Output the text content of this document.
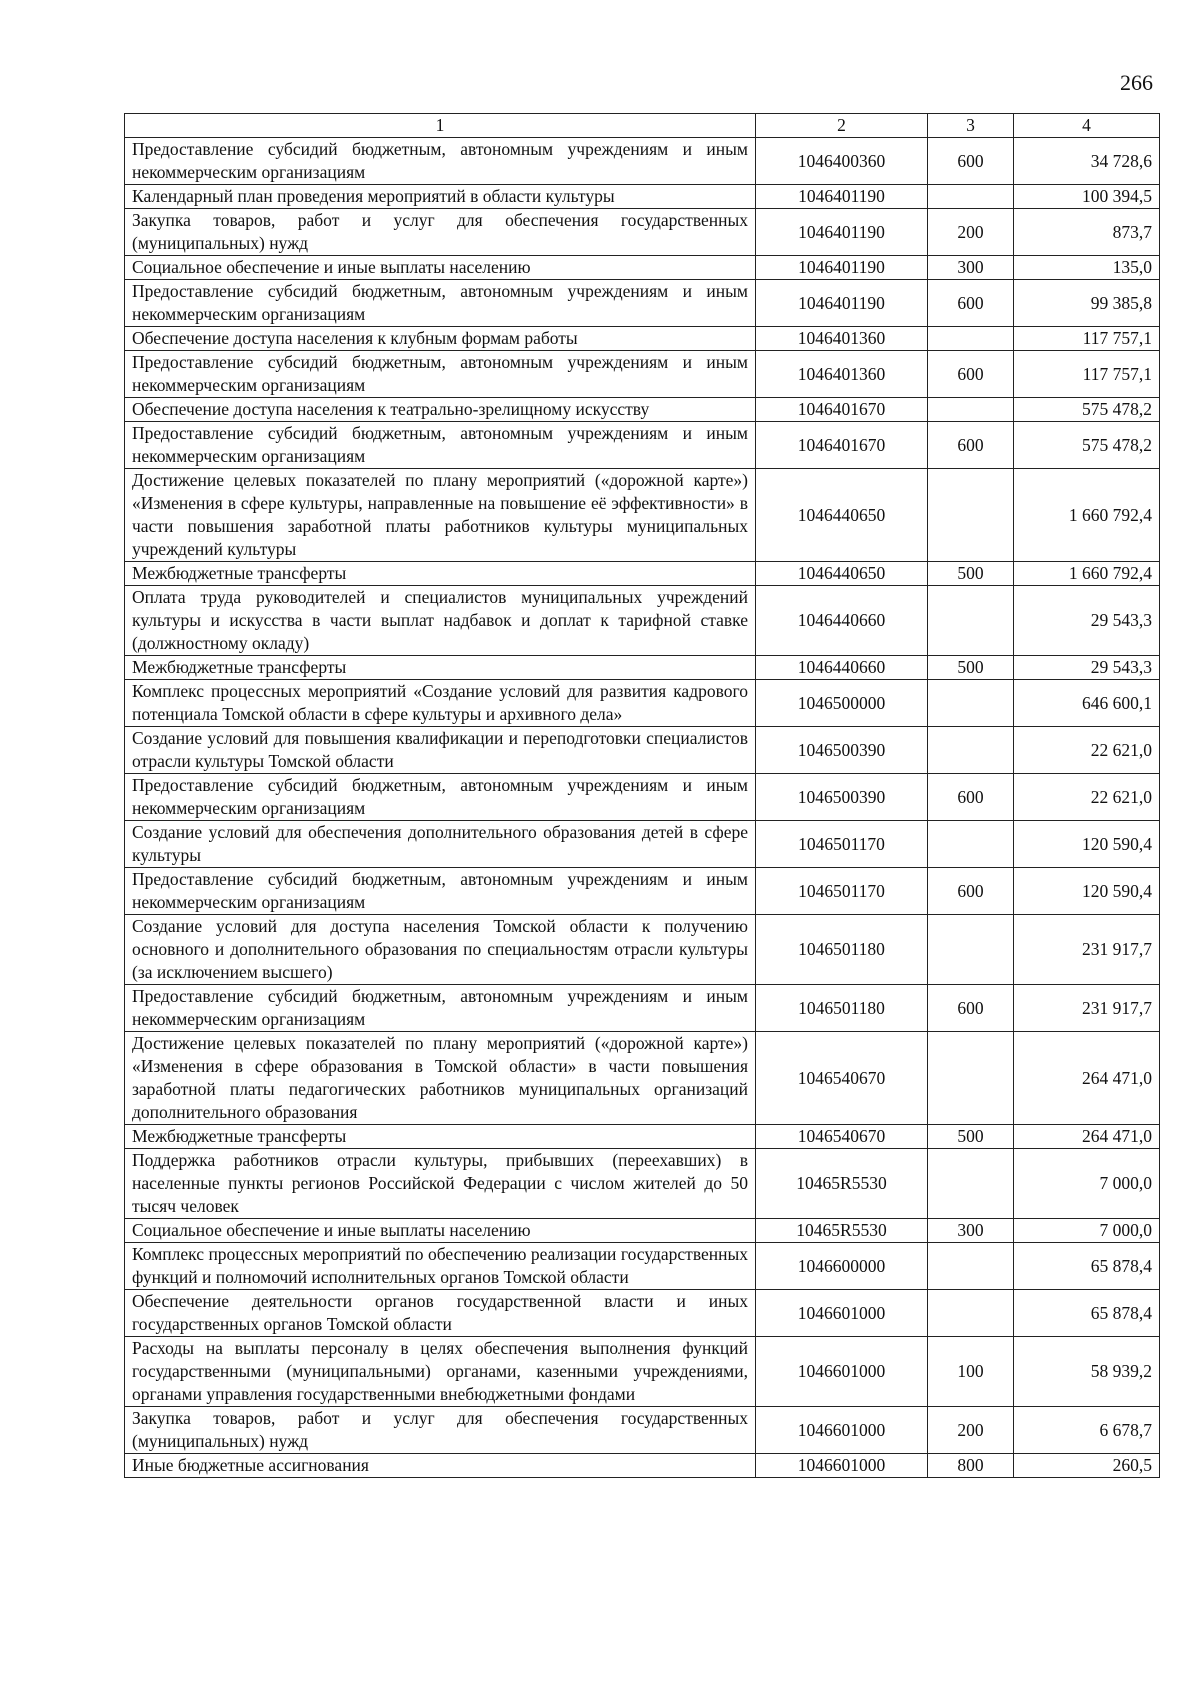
266
1	2	3	4
Предоставление субсидий бюджетным, автономным учреждениям и иным некоммерческим организациям	1046400360	600	34 728,6
Календарный план проведения мероприятий в области культуры	1046401190		100 394,5
Закупка товаров, работ и услуг для обеспечения государственных (муниципальных) нужд	1046401190	200	873,7
Социальное обеспечение и иные выплаты населению	1046401190	300	135,0
Предоставление субсидий бюджетным, автономным учреждениям и иным некоммерческим организациям	1046401190	600	99 385,8
Обеспечение доступа населения к клубным формам работы	1046401360		117 757,1
Предоставление субсидий бюджетным, автономным учреждениям и иным некоммерческим организациям	1046401360	600	117 757,1
Обеспечение доступа населения к театрально-зрелищному искусству	1046401670		575 478,2
Предоставление субсидий бюджетным, автономным учреждениям и иным некоммерческим организациям	1046401670	600	575 478,2
Достижение целевых показателей по плану мероприятий («дорожной карте») «Изменения в сфере культуры, направленные на повышение её эффективности» в части повышения заработной платы работников культуры муниципальных учреждений культуры	1046440650		1 660 792,4
Межбюджетные трансферты	1046440650	500	1 660 792,4
Оплата труда руководителей и специалистов муниципальных учреждений культуры и искусства в части выплат надбавок и доплат к тарифной ставке (должностному окладу)	1046440660		29 543,3
Межбюджетные трансферты	1046440660	500	29 543,3
Комплекс процессных мероприятий «Создание условий для развития кадрового потенциала Томской области в сфере культуры и архивного дела»	1046500000		646 600,1
Создание условий для повышения квалификации и переподготовки специалистов отрасли культуры Томской области	1046500390		22 621,0
Предоставление субсидий бюджетным, автономным учреждениям и иным некоммерческим организациям	1046500390	600	22 621,0
Создание условий для обеспечения дополнительного образования детей в сфере культуры	1046501170		120 590,4
Предоставление субсидий бюджетным, автономным учреждениям и иным некоммерческим организациям	1046501170	600	120 590,4
Создание условий для доступа населения Томской области к получению основного и дополнительного образования по специальностям отрасли культуры (за исключением высшего)	1046501180		231 917,7
Предоставление субсидий бюджетным, автономным учреждениям и иным некоммерческим организациям	1046501180	600	231 917,7
Достижение целевых показателей по плану мероприятий («дорожной карте») «Изменения в сфере образования в Томской области» в части повышения заработной платы педагогических работников муниципальных организаций дополнительного образования	1046540670		264 471,0
Межбюджетные трансферты	1046540670	500	264 471,0
Поддержка работников отрасли культуры, прибывших (переехавших) в населенные пункты регионов Российской Федерации с числом жителей до 50 тысяч человек	10465R5530		7 000,0
Социальное обеспечение и иные выплаты населению	10465R5530	300	7 000,0
Комплекс процессных мероприятий по обеспечению реализации государственных функций и полномочий исполнительных органов Томской области	1046600000		65 878,4
Обеспечение деятельности органов государственной власти и иных государственных органов Томской области	1046601000		65 878,4
Расходы на выплаты персоналу в целях обеспечения выполнения функций государственными (муниципальными) органами, казенными учреждениями, органами управления государственными внебюджетными фондами	1046601000	100	58 939,2
Закупка товаров, работ и услуг для обеспечения государственных (муниципальных) нужд	1046601000	200	6 678,7
Иные бюджетные ассигнования	1046601000	800	260,5
